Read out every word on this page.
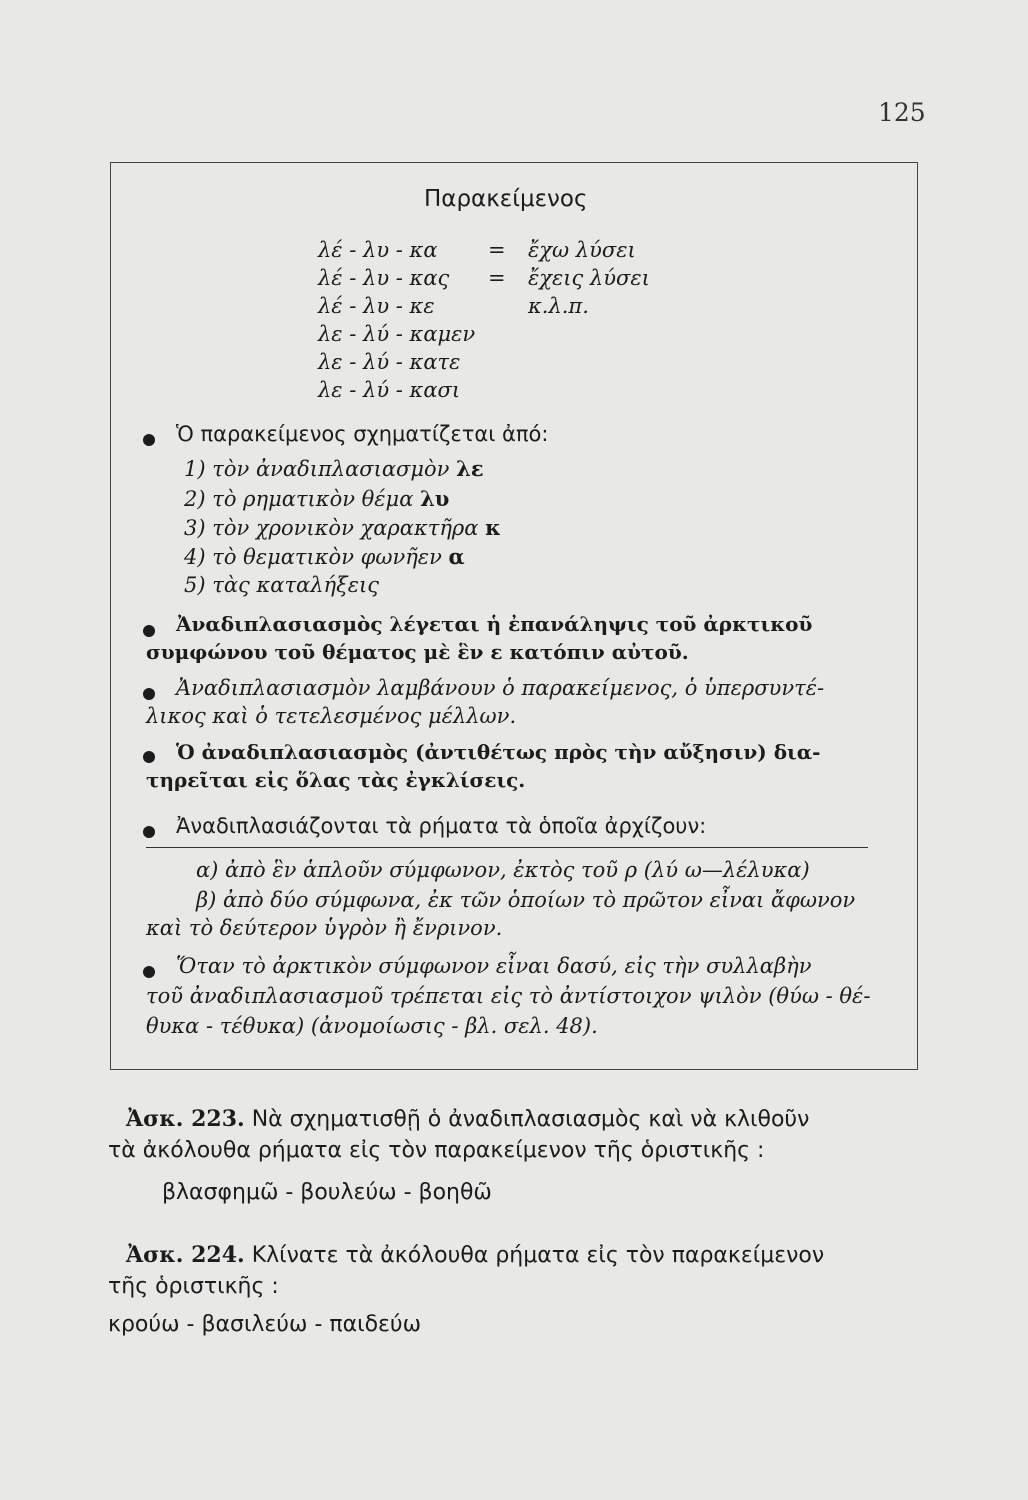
125
Παρακείμενος
λέ - λυ - κα = ἔχω λύσει
λέ - λυ - κας = ἔχεις λύσει
λέ - λυ - κε	κ.λ.π.
λε - λύ - καμεν
λε - λύ - κατε
λε - λύ - κασι
Ὁ παρακείμενος σχηματίζεται ἀπό:
1) τὸν ἀναδιπλασιασμὸν λε
2) τὸ ρηματικὸν θέμα λυ
3) τὸν χρονικὸν χαρακτῆρα κ
4) τὸ θεματικὸν φωνῆεν α
5) τὰς καταλήξεις
Ἀναδιπλασιασμὸς λέγεται ἡ ἐπανάληψις τοῦ ἀρκτικοῦ
συμφώνου τοῦ θέματος μὲ ἓν ε κατόπιν αὐτοῦ.
Ἀναδιπλασιασμὸν λαμβάνουν ὁ παρακείμενος, ὁ ὑπερσυντέ-
λικος καὶ ὁ τετελεσμένος μέλλων.
Ὁ ἀναδιπλασιασμὸς (ἀντιθέτως πρὸς τὴν αὔξησιν) δια-
τηρεῖται εἰς ὅλας τὰς ἐγκλίσεις.
Ἀναδιπλασιάζονται τὰ ρήματα τὰ ὁποῖα ἀρχίζουν:
α) ἀπὸ ἓν ἁπλοῦν σύμφωνον, ἐκτὸς τοῦ ρ (λύ ω—λέλυκα)
β) ἀπὸ δύο σύμφωνα, ἐκ τῶν ὁποίων τὸ πρῶτον εἶναι ἄφωνον
καὶ τὸ δεύτερον ὑγρὸν ἢ ἔνρινον.
Ὅταν τὸ ἀρκτικὸν σύμφωνον εἶναι δασύ, εἰς τὴν συλλαβὴν
τοῦ ἀναδιπλασιασμοῦ τρέπεται εἰς τὸ ἀντίστοιχον ψιλὸν (θύω - θέ-
θυκα - τέθυκα) (ἀνομοίωσις - βλ. σελ. 48).
Ἀσκ. 223. Νὰ σχηματισθῇ ὁ ἀναδιπλασιασμὸς καὶ νὰ κλιθοῦν
τὰ ἀκόλουθα ρήματα εἰς τὸν παρακείμενον τῆς ὁριστικῆς :
βλασφημῶ - βουλεύω - βοηθῶ
Ἀσκ. 224. Κλίνατε τὰ ἀκόλουθα ρήματα εἰς τὸν παρακείμενον
τῆς ὁριστικῆς :
κρούω - βασιλεύω - παιδεύω
